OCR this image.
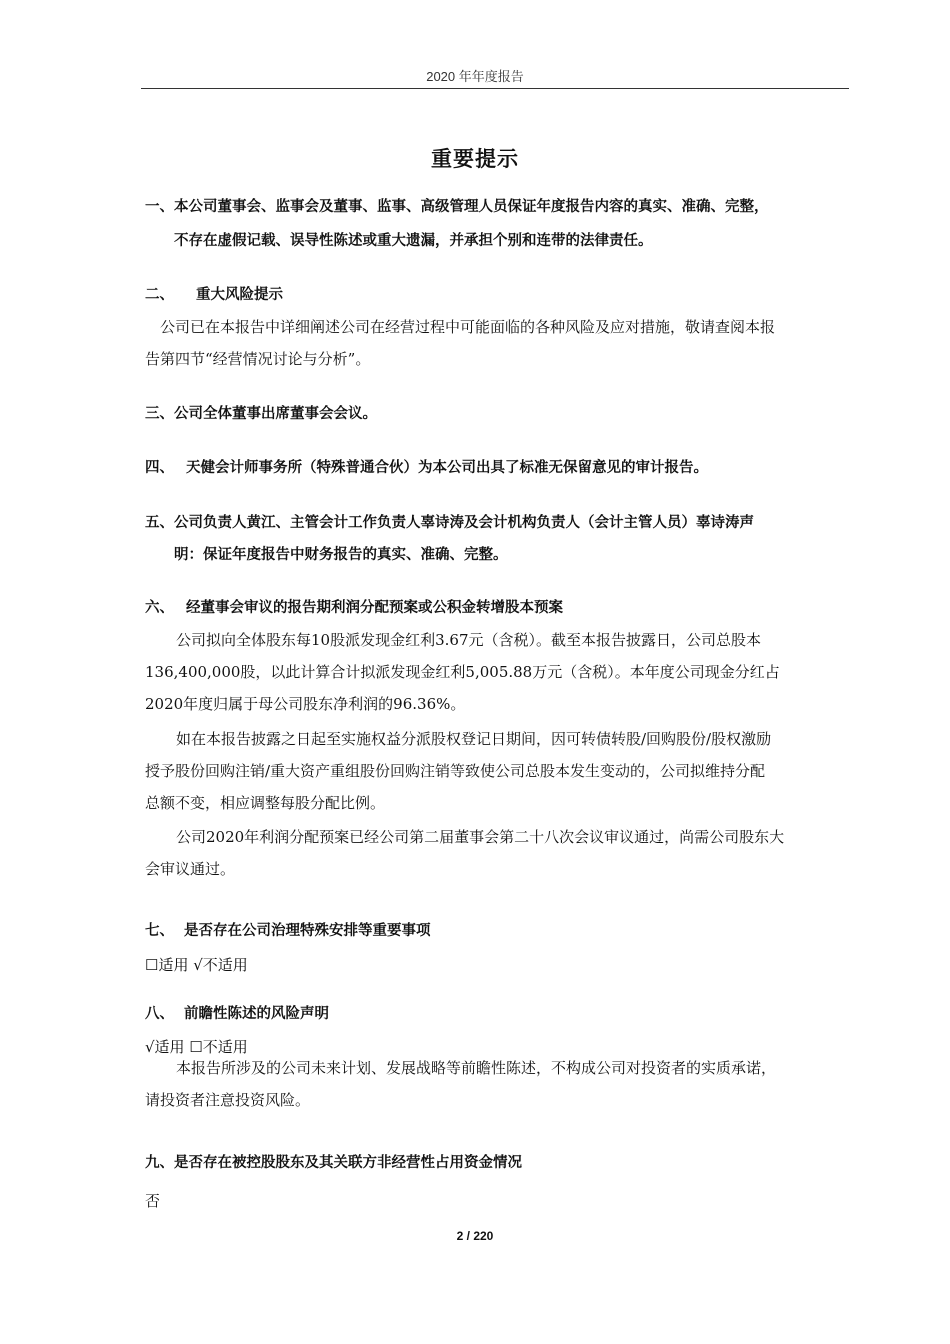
2020 年年度报告
重要提示
一、本公司董事会、监事会及董事、监事、高级管理人员保证年度报告内容的真实、准确、完整，
不存在虚假记载、误导性陈述或重大遗漏，并承担个别和连带的法律责任。
二、 重大风险提示
公司已在本报告中详细阐述公司在经营过程中可能面临的各种风险及应对措施，敬请查阅本报
告第四节“经营情况讨论与分析”。
三、公司全体董事出席董事会会议。
四、 天健会计师事务所（特殊普通合伙）为本公司出具了标准无保留意见的审计报告。
五、公司负责人黄江、主管会计工作负责人辜诗涛及会计机构负责人（会计主管人员）辜诗涛声
明：保证年度报告中财务报告的真实、准确、完整。
六、 经董事会审议的报告期利润分配预案或公积金转增股本预案
公司拟向全体股东每10股派发现金红利3.67元（含税）。截至本报告披露日，公司总股本
136,400,000股，以此计算合计拟派发现金红利5,005.88万元（含税）。本年度公司现金分红占
2020年度归属于母公司股东净利润的96.36%。
如在本报告披露之日起至实施权益分派股权登记日期间，因可转债转股/回购股份/股权激励
授予股份回购注销/重大资产重组股份回购注销等致使公司总股本发生变动的，公司拟维持分配
总额不变，相应调整每股分配比例。
公司2020年利润分配预案已经公司第二届董事会第二十八次会议审议通过，尚需公司股东大
会审议通过。
七、 是否存在公司治理特殊安排等重要事项
☐适用 √不适用
八、 前瞻性陈述的风险声明
√适用 ☐不适用
本报告所涉及的公司未来计划、发展战略等前瞻性陈述，不构成公司对投资者的实质承诺，
请投资者注意投资风险。
九、是否存在被控股股东及其关联方非经营性占用资金情况
否
2 / 220
